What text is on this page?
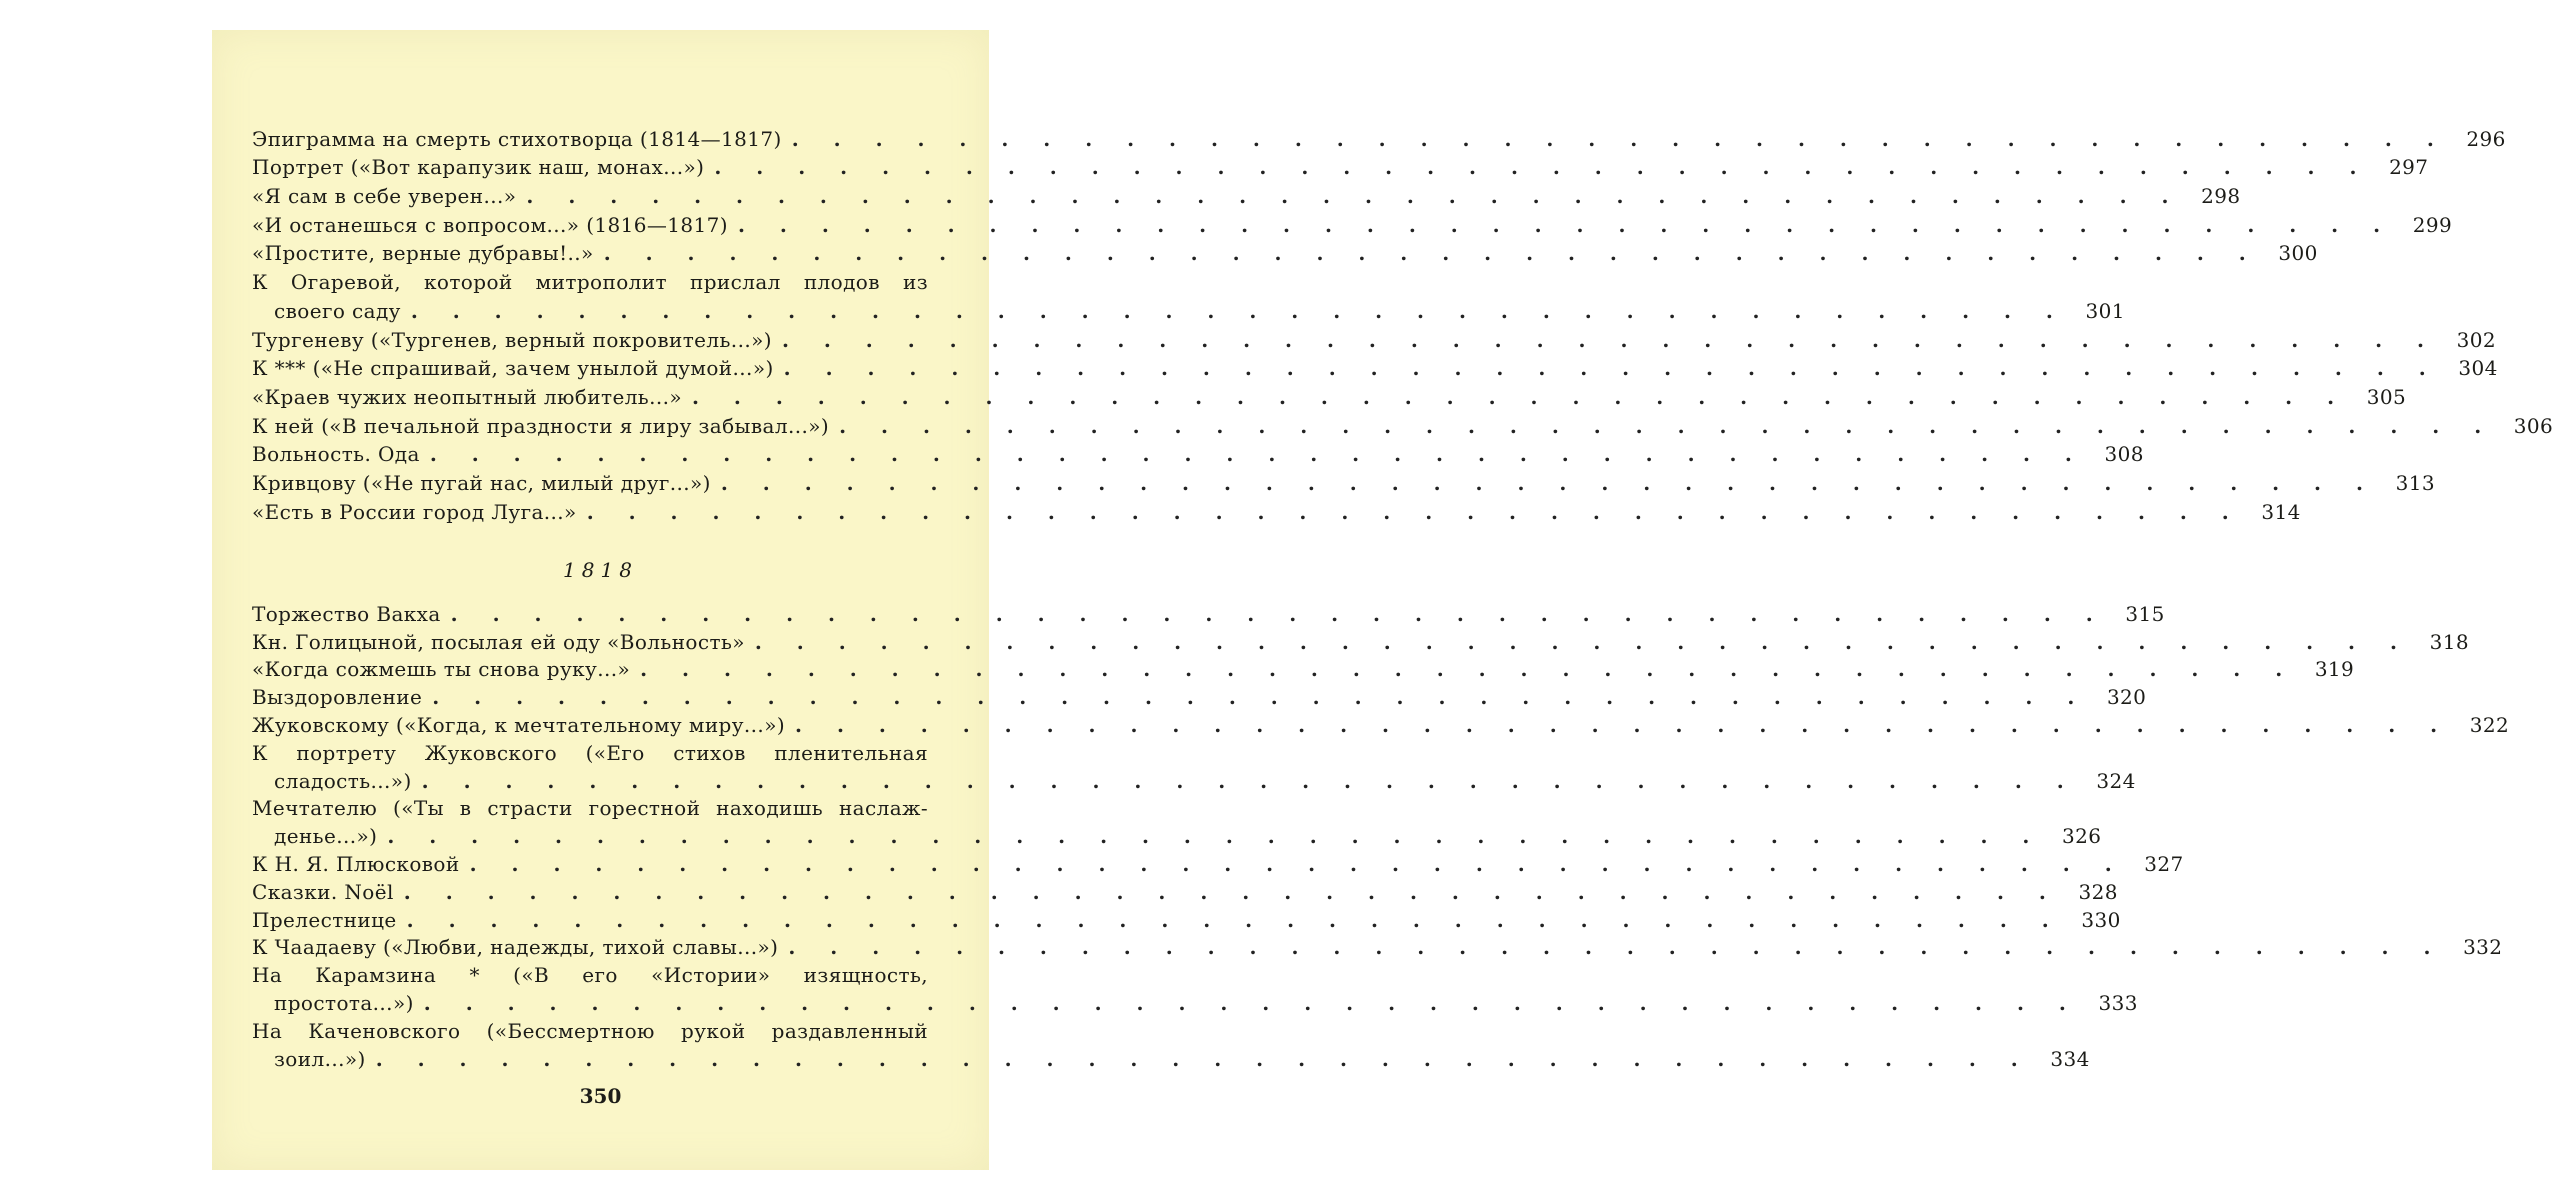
Эпиграмма на смерть стихотворца (1814—1817) . . . . . . . . . . . . . . . . . . . . . . . . . . . . . . . . . . . . . . . . 296
Портрет («Вот карапузик наш, монах...») . . . . . . . . . . . . . . . . . . . . . . . . . . . . . . . . . . . . . . . . 297
«Я сам в себе уверен...» . . . . . . . . . . . . . . . . . . . . . . . . . . . . . . . . . . . . . . . . 298
«И останешься с вопросом...» (1816—1817) . . . . . . . . . . . . . . . . . . . . . . . . . . . . . . . . . . . . . . . . 299
«Простите, верные дубравы!..» . . . . . . . . . . . . . . . . . . . . . . . . . . . . . . . . . . . . . . . . 300
К Огаревой, которой митрополит прислал плодов из
своего саду . . . . . . . . . . . . . . . . . . . . . . . . . . . . . . . . . . . . . . . . 301
Тургеневу («Тургенев, верный покровитель...») . . . . . . . . . . . . . . . . . . . . . . . . . . . . . . . . . . . . . . . . 302
К *** («Не спрашивай, зачем унылой думой...») . . . . . . . . . . . . . . . . . . . . . . . . . . . . . . . . . . . . . . . . 304
«Краев чужих неопытный любитель...» . . . . . . . . . . . . . . . . . . . . . . . . . . . . . . . . . . . . . . . . 305
К ней («В печальной праздности я лиру забывал...») . . . . . . . . . . . . . . . . . . . . . . . . . . . . . . . . . . . . . . . . 306
Вольность. Ода . . . . . . . . . . . . . . . . . . . . . . . . . . . . . . . . . . . . . . . . 308
Кривцову («Не пугай нас, милый друг...») . . . . . . . . . . . . . . . . . . . . . . . . . . . . . . . . . . . . . . . . 313
«Есть в России город Луга...» . . . . . . . . . . . . . . . . . . . . . . . . . . . . . . . . . . . . . . . . 314
1818
Торжество Вакха . . . . . . . . . . . . . . . . . . . . . . . . . . . . . . . . . . . . . . . . 315
Кн. Голицыной, посылая ей оду «Вольность» . . . . . . . . . . . . . . . . . . . . . . . . . . . . . . . . . . . . . . . . 318
«Когда сожмешь ты снова руку...» . . . . . . . . . . . . . . . . . . . . . . . . . . . . . . . . . . . . . . . . 319
Выздоровление . . . . . . . . . . . . . . . . . . . . . . . . . . . . . . . . . . . . . . . . 320
Жуковскому («Когда, к мечтательному миру...») . . . . . . . . . . . . . . . . . . . . . . . . . . . . . . . . . . . . . . . . 322
К портрету Жуковского («Его стихов пленительная
сладость...») . . . . . . . . . . . . . . . . . . . . . . . . . . . . . . . . . . . . . . . . 324
Мечтателю («Ты в страсти горестной находишь наслаж-
денье...») . . . . . . . . . . . . . . . . . . . . . . . . . . . . . . . . . . . . . . . . 326
К Н. Я. Плюсковой . . . . . . . . . . . . . . . . . . . . . . . . . . . . . . . . . . . . . . . . 327
Сказки. Noël . . . . . . . . . . . . . . . . . . . . . . . . . . . . . . . . . . . . . . . . 328
Прелестнице . . . . . . . . . . . . . . . . . . . . . . . . . . . . . . . . . . . . . . . . 330
К Чаадаеву («Любви, надежды, тихой славы...») . . . . . . . . . . . . . . . . . . . . . . . . . . . . . . . . . . . . . . . . 332
На Карамзина * («В его «Истории» изящность,
простота...») . . . . . . . . . . . . . . . . . . . . . . . . . . . . . . . . . . . . . . . . 333
На Каченовского («Бессмертною рукой раздавленный
зоил...») . . . . . . . . . . . . . . . . . . . . . . . . . . . . . . . . . . . . . . . . 334
350
